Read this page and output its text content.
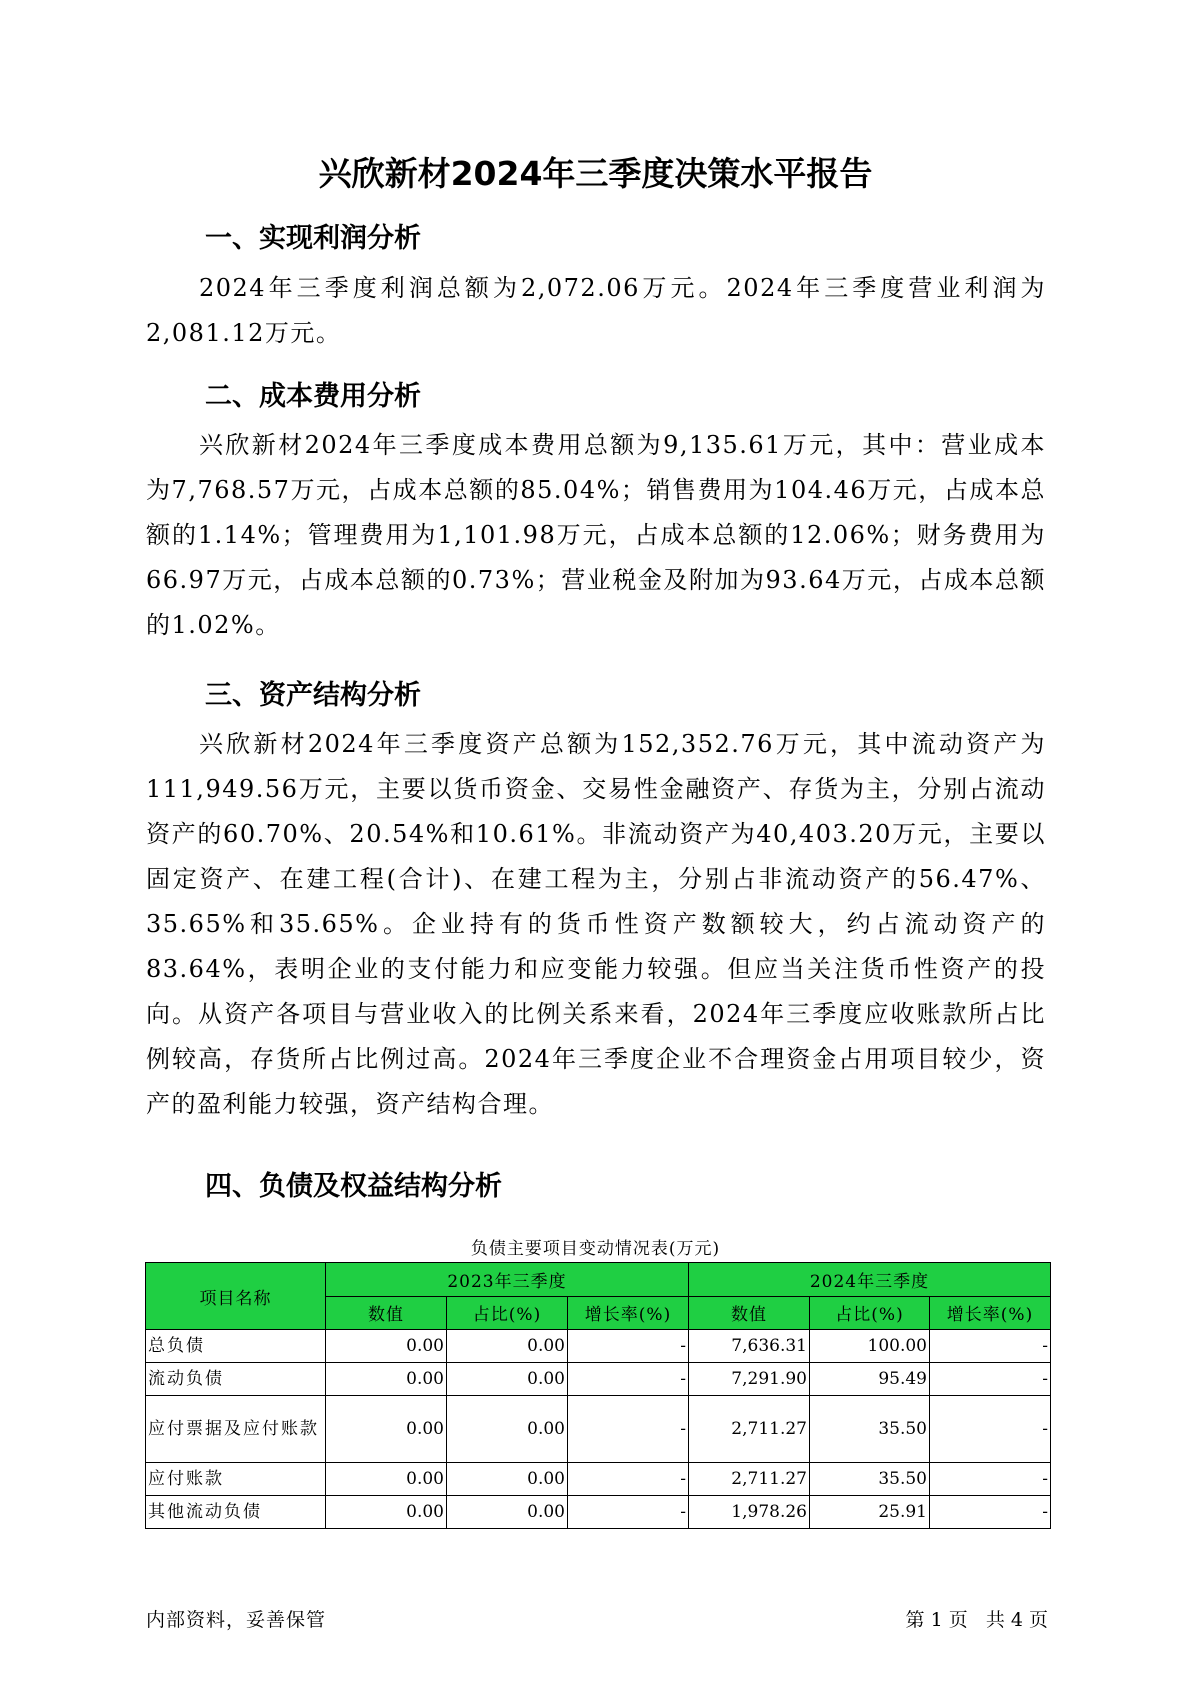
兴欣新材2024年三季度决策水平报告
一、实现利润分析

2024年三季度利润总额为2,072.06万元。2024年三季度营业利润为2,081.12万元。

二、成本费用分析

兴欣新材2024年三季度成本费用总额为9,135.61万元，其中：营业成本为7,768.57万元，占成本总额的85.04%；销售费用为104.46万元，占成本总额的1.14%；管理费用为1,101.98万元，占成本总额的12.06%；财务费用为66.97万元，占成本总额的0.73%；营业税金及附加为93.64万元，占成本总额的1.02%。

三、资产结构分析

兴欣新材2024年三季度资产总额为152,352.76万元，其中流动资产为111,949.56万元，主要以货币资金、交易性金融资产、存货为主，分别占流动资产的60.70%、20.54%和10.61%。非流动资产为40,403.20万元，主要以固定资产、在建工程(合计)、在建工程为主，分别占非流动资产的56.47%、35.65%和35.65%。企业持有的货币性资产数额较大，约占流动资产的83.64%，表明企业的支付能力和应变能力较强。但应当关注货币性资产的投向。从资产各项目与营业收入的比例关系来看，2024年三季度应收账款所占比例较高，存货所占比例过高。2024年三季度企业不合理资金占用项目较少，资产的盈利能力较强，资产结构合理。

四、负债及权益结构分析

负债主要项目变动情况表(万元)

项目名称	2023年三季度			2024年三季度		
	数值	占比(%)	增长率(%)	数值	占比(%)	增长率(%)
总负债	0.00	0.00	-	7,636.31	100.00	-
流动负债	0.00	0.00	-	7,291.90	95.49	-
应付票据及应付账款	0.00	0.00	-	2,711.27	35.50	-
应付账款	0.00	0.00	-	2,711.27	35.50	-
其他流动负债	0.00	0.00	-	1,978.26	25.91	-

内部资料，妥善保管	第 1 页   共 4 页
